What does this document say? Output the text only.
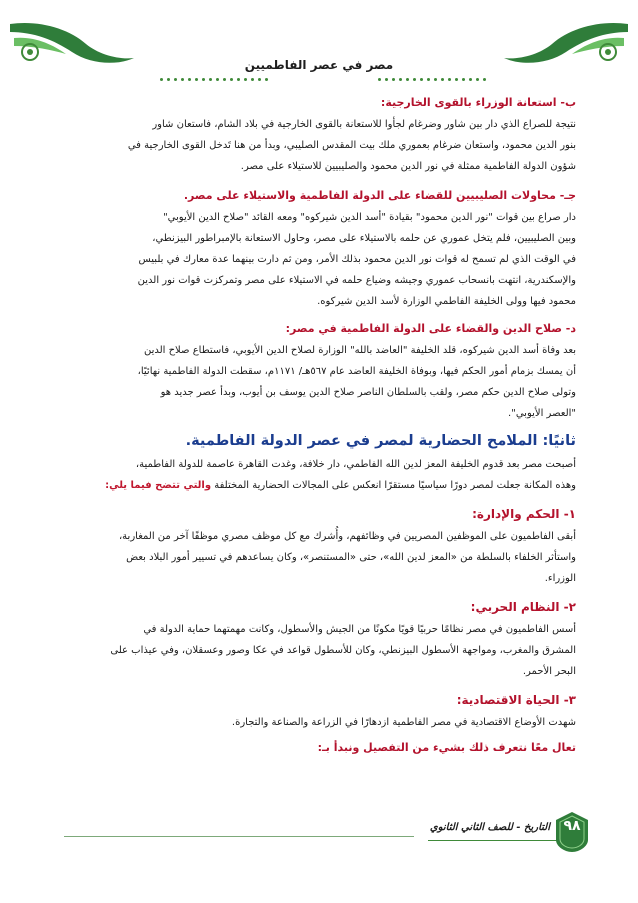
مصر في عصر الفاطميين
ب- استعانة الوزراء بالقوى الخارجية:
نتيجة للصراع الذي دار بين شاور وضرغام لجأوا للاستعانة بالقوى الخارجية في بلاد الشام، فاستعان شاور
بنور الدين محمود، واستعان ضرغام بعموري ملك بيت المقدس الصليبي، وبدأ من هنا تَدخل القوى الخارجية في
شؤون الدولة الفاطمية ممثلة في نور الدين محمود والصليبيين للاستيلاء على مصر.
جـ- محاولات الصليبيين للقضاء على الدولة الفاطمية والاستيلاء على مصر.
دار صراع بين قوات "نور الدين محمود" بقيادة "أسد الدين شيركوه" ومعه القائد "صلاح الدين الأيوبي"
وبين الصليبيين، فلم يتخل عموري عن حلمه بالاستيلاء على مصر، وحاول الاستعانة بالإمبراطور البيزنطي،
في الوقت الذي لم تسمح له قوات نور الدين محمود بذلك الأمر، ومن ثم دارت بينهما عدة معارك في بلبيس
والإسكندرية، انتهت بانسحاب عموري وجيشه وضياع حلمه في الاستيلاء على مصر وتمركزت قوات نور الدين
محمود فيها وولى الخليفة الفاطمي الوزارة لأسد الدين شيركوه.
د- صلاح الدين والقضاء على الدولة الفاطمية في مصر:
بعد وفاة أسد الدين شيركوه، قلد الخليفة "العاضد بالله" الوزارة لصلاح الدين الأيوبي، فاستطاع صلاح الدين
أن يمسك بزمام أمور الحكم فيها، وبوفاة الخليفة العاضد عام ٥٦٧هـ/ ١١٧١م، سقطت الدولة الفاطمية نهائيًا،
وتولى صلاح الدين حكم مصر، ولقب بالسلطان الناصر صلاح الدين يوسف بن أيوب، وبدأ عصر جديد هو
"العصر الأيوبي".
ثانيًا: الملامح الحضارية لمصر في عصر الدولة الفاطمية.
أصبحت مصر بعد قدوم الخليفة المعز لدين الله الفاطمي، دار خلافة، وغدت القاهرة عاصمة للدولة الفاطمية،
وهذه المكانة جعلت لمصر دورًا سياسيًا مستقرًا انعكس على المجالات الحضارية المختلفة والتي تتضح فيما يلي:
١- الحكم والإدارة:
أبقى الفاطميون على الموظفين المصريين في وظائفهم، وأُشرك مع كل موظف مصري موظفًا آخر من المغاربة،
واستأثر الخلفاء بالسلطة من «المعز لدين الله»، حتى «المستنصر»، وكان يساعدهم في تسيير أمور البلاد بعض
الوزراء.
٢- النظام الحربي:
أسس الفاطميون في مصر نظامًا حربيًا قويًا مكونًا من الجيش والأسطول، وكانت مهمتهما حماية الدولة في
المشرق والمغرب، ومواجهة الأسطول البيزنطي، وكان للأسطول قواعد في عكا وصور وعسقلان، وفي عيذاب على
البحر الأحمر.
٣- الحياة الاقتصادية:
شهدت الأوضاع الاقتصادية في مصر الفاطمية ازدهارًا في الزراعة والصناعة والتجارة.
تعال معًا نتعرف ذلك بشيء من التفصيل ونبدأ بـ:
التاريخ - للصف الثاني الثانوي ٩٨
